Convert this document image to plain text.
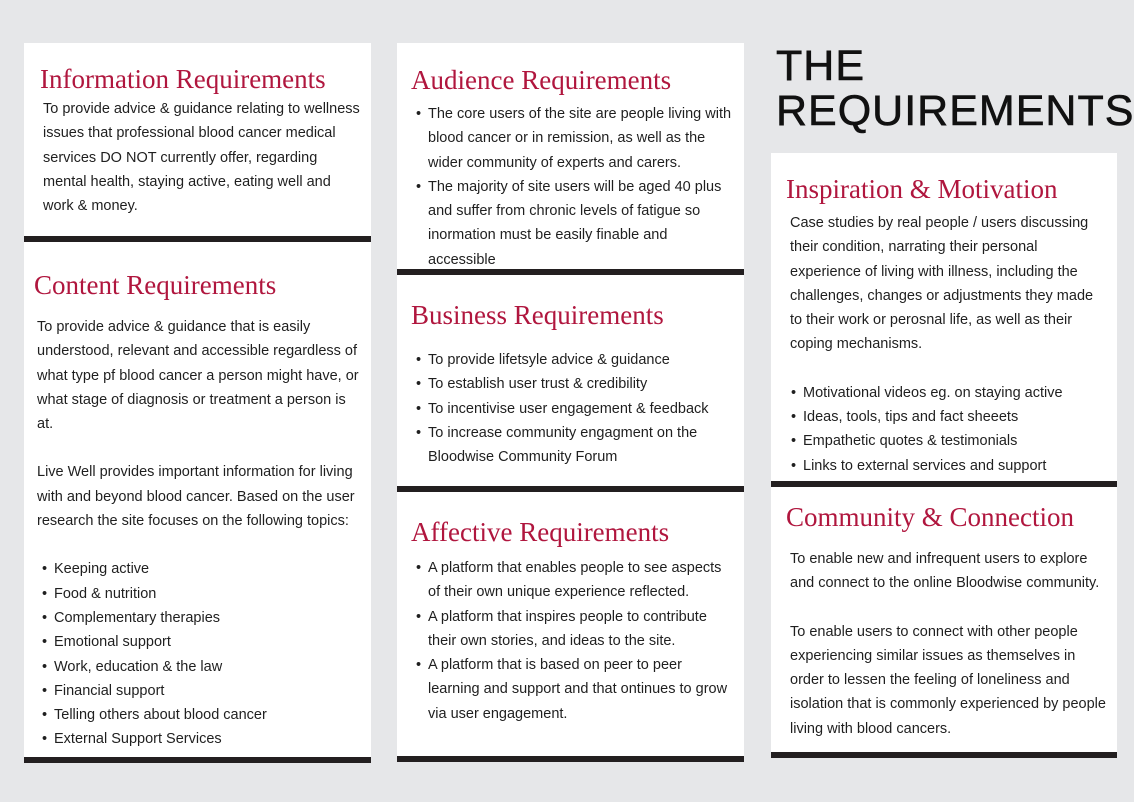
THE
REQUIREMENTS
Information Requirements

To provide advice & guidance relating to wellness issues that professional blood cancer medical services DO NOT currently offer, regarding mental health, staying active, eating well and work & money.

Content Requirements

To provide advice & guidance that is easily understood, relevant and accessible regardless of what type pf blood cancer a person might have, or what stage of diagnosis or treatment a person is at.

Live Well provides important information for living with and beyond blood cancer. Based on the user research the site focuses on the following topics:

• Keeping active
• Food & nutrition
• Complementary therapies
• Emotional support
• Work, education & the law
• Financial support
• Telling others about blood cancer
• External Support Services
Audience Requirements
• The core users of the site are people living with blood cancer or in remission, as well as the wider community of experts and carers.
• The majority of site users will be aged 40 plus and suffer from chronic levels of fatigue so inormation must be easily finable and accessible
Business Requirements
• To provide lifetsyle advice & guidance
• To establish user trust & credibility
• To incentivise user engagement & feedback
• To increase community engagment on the Bloodwise Community Forum
Affective Requirements
• A platform that enables people to see aspects of their own unique experience reflected.
• A platform that inspires people to contribute their own stories, and ideas to the site.
• A platform that is based on peer to peer learning and support and that ontinues to grow via user engagement.
Inspiration & Motivation

Case studies by real people / users discussing their condition, narrating their personal experience of living with illness, including the challenges, changes or adjustments they made to their work or perosnal life, as well as their coping mechanisms.

• Motivational videos eg. on staying active
• Ideas, tools, tips and fact sheeets
• Empathetic quotes & testimonials
• Links to external services and support
Community & Connection

To enable new and infrequent users to explore and connect to the online Bloodwise community.

To enable users to connect with other people experiencing similar issues as themselves in order to lessen the feeling of loneliness and isolation that is commonly experienced by people living with blood cancers.
